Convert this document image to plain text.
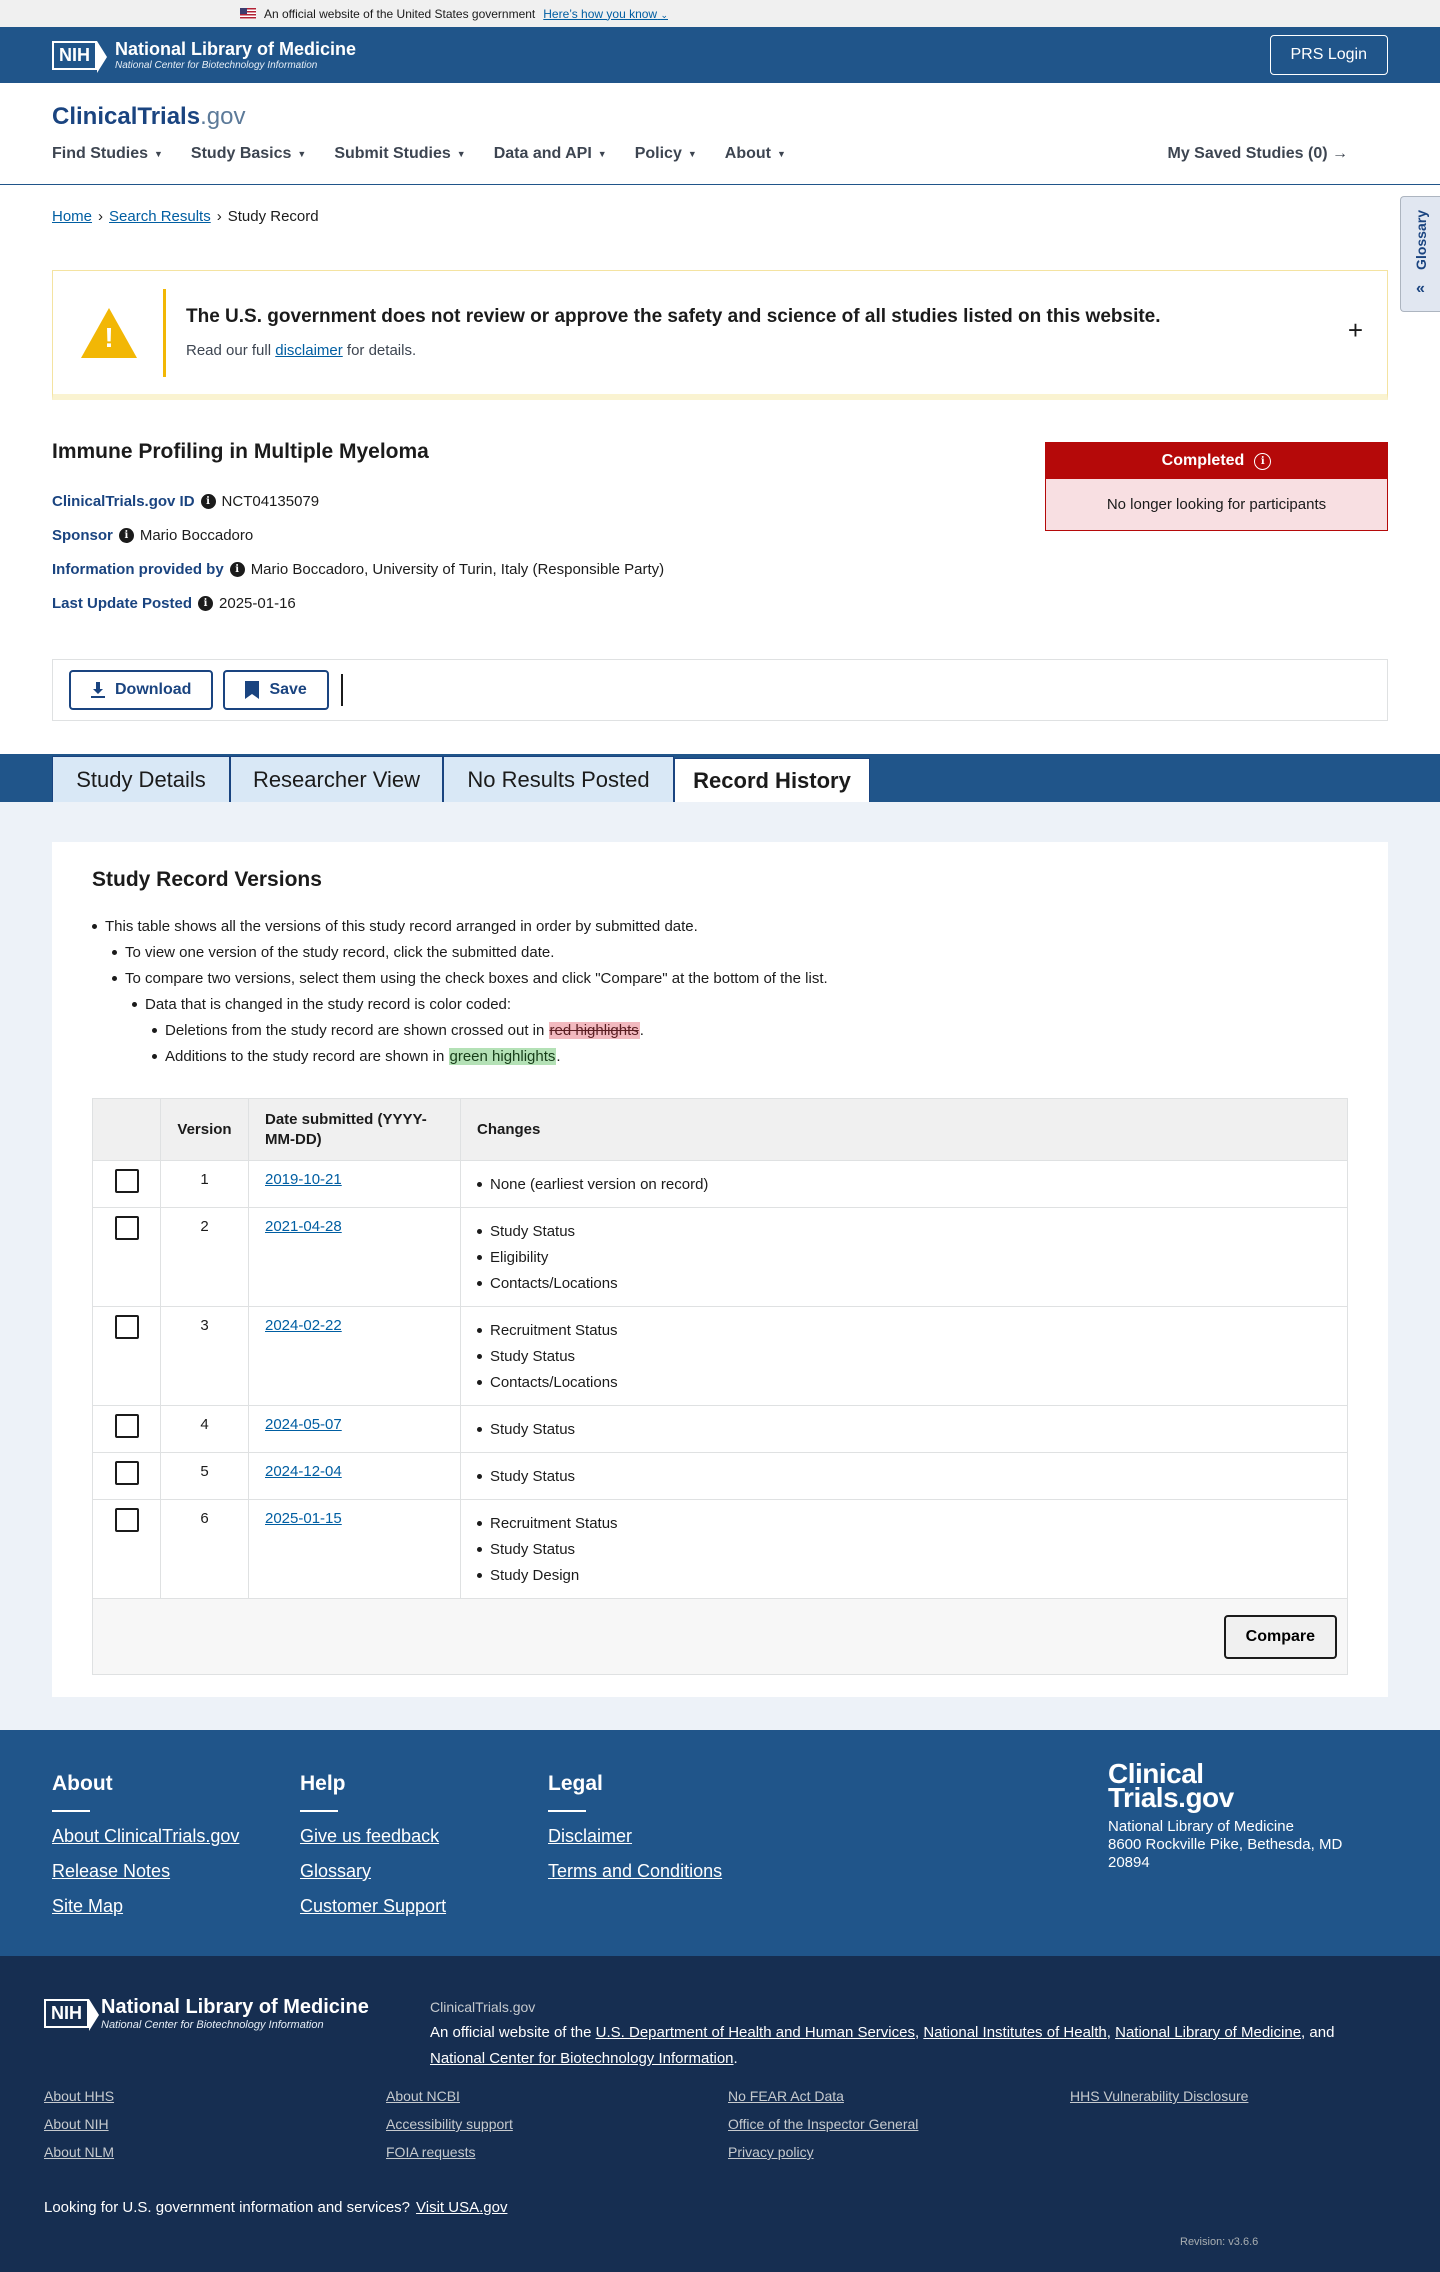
An official website of the United States government Here’s how you know ⌄
NIH	National Library of Medicine
National Center for Biotechnology Information
PRS Login
ClinicalTrials.gov
Find Studies ▼ Study Basics ▼ Submit Studies ▼ Data and API ▼ Policy ▼ About ▼	My Saved Studies (0) →
Glossary
«
Home › Search Results › Study Record
!
The U.S. government does not review or approve the safety and science of all studies listed on this website.
Read our full disclaimer for details.
+
Immune Profiling in Multiple Myeloma
ClinicalTrials.gov ID	i NCT04135079
Sponsor	i Mario Boccadoro
Information provided by	i Mario Boccadoro, University of Turin, Italy (Responsible Party)
Last Update Posted	i 2025-01-16
Completed	i
No longer looking for participants
Download	Save
Study Details	Researcher View	No Results Posted	Record History
Study Record Versions
This table shows all the versions of this study record arranged in order by submitted date.
To view one version of the study record, click the submitted date.
To compare two versions, select them using the check boxes and click "Compare" at the bottom of the list.
Data that is changed in the study record is color coded:
Deletions from the study record are shown crossed out in red highlights.
Additions to the study record are shown in green highlights.
	Version	Date submitted (YYYY-MM-DD)	Changes

	1	2019-10-21	None (earliest version on record)

	2	2021-04-28	Study Status
Eligibility
Contacts/Locations

	3	2024-02-22	Recruitment Status
Study Status
Contacts/Locations

	4	2024-05-07	Study Status

	5	2024-12-04	Study Status

	6	2025-01-15	Recruitment Status
Study Status
Study Design

Compare			
About
About ClinicalTrials.gov
Release Notes
Site Map
Help
Give us feedback
Glossary
Customer Support
Legal
Disclaimer
Terms and Conditions
Clinical
Trials.gov
National Library of Medicine
8600 Rockville Pike, Bethesda, MD
20894
NIH National Library of Medicine
National Center for Biotechnology Information
ClinicalTrials.gov
An official website of the U.S. Department of Health and Human Services, National Institutes of Health, National Library of Medicine, and National Center for Biotechnology Information.
About HHS
About NIH
About NLM
About NCBI
Accessibility support
FOIA requests
No FEAR Act Data
Office of the Inspector General
Privacy policy
HHS Vulnerability Disclosure
Looking for U.S. government information and services? Visit USA.gov
Revision: v3.6.6
